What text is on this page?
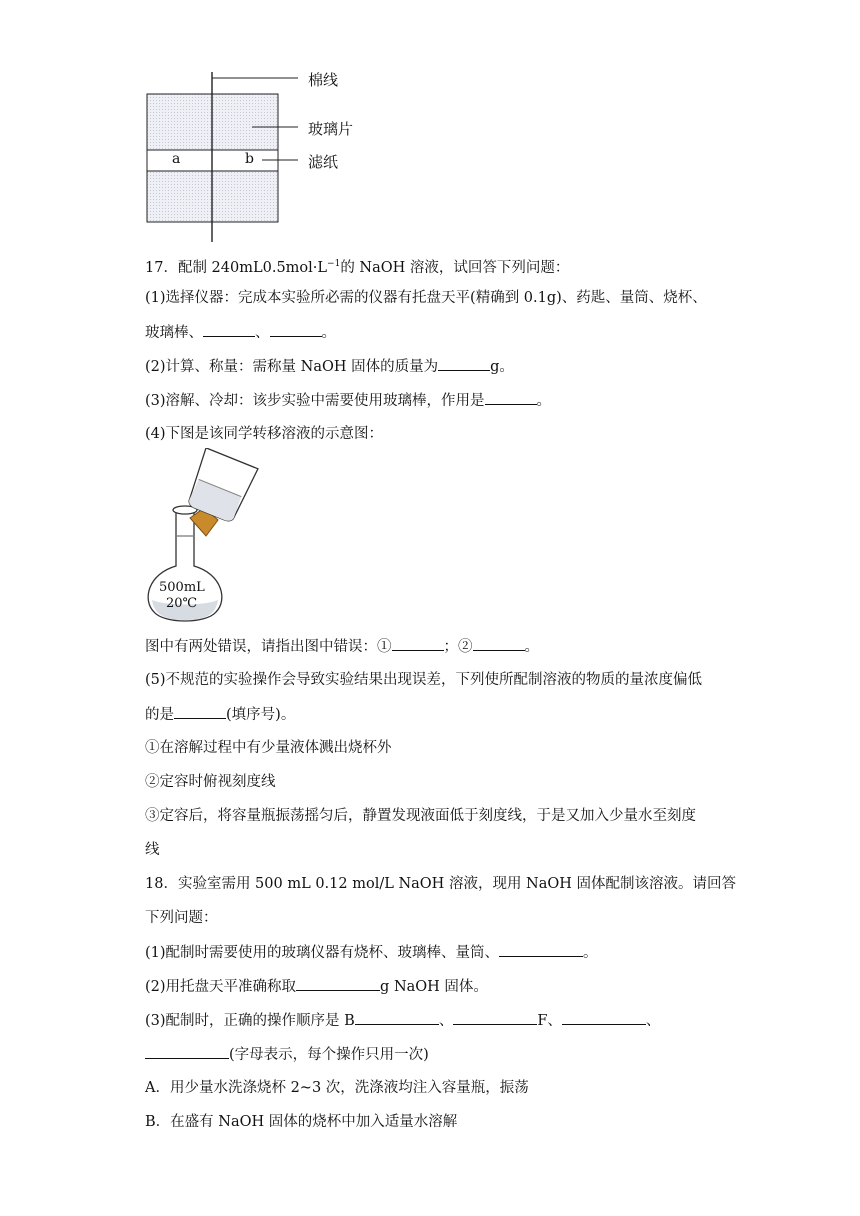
棉线
玻璃片
滤纸
a	b
17．配制 $240mL0.5mol\cdot L^{-1}$的 NaOH 溶液，试回答下列问题：
(1)选择仪器：完成本实验所必需的仪器有托盘天平(精确到 0.1g)、药匙、量筒、烧杯、
玻璃棒、	、	。
(2)计算、称量：需称量 NaOH 固体的质量为	g。
(3)溶解、冷却：该步实验中需要使用玻璃棒，作用是	。
(4)下图是该同学转移溶液的示意图：
500mL
20℃
图中有两处错误，请指出图中错误：①	；②	。
(5)不规范的实验操作会导致实验结果出现误差，下列使所配制溶液的物质的量浓度偏低
的是	(填序号)。
①在溶解过程中有少量液体溅出烧杯外
②定容时俯视刻度线
③定容后，将容量瓶振荡摇匀后，静置发现液面低于刻度线，于是又加入少量水至刻度
线
18．实验室需用 500 mL 0.12 mol/L NaOH 溶液，现用 NaOH 固体配制该溶液。请回答
下列问题：
(1)配制时需要使用的玻璃仪器有烧杯、玻璃棒、量筒、	。
(2)用托盘天平准确称取	g NaOH 固体。
(3)配制时，正确的操作顺序是 B	、	F、	、
(字母表示，每个操作只用一次)
A．用少量水洗涤烧杯 2~3 次，洗涤液均注入容量瓶，振荡
B．在盛有 NaOH 固体的烧杯中加入适量水溶解
